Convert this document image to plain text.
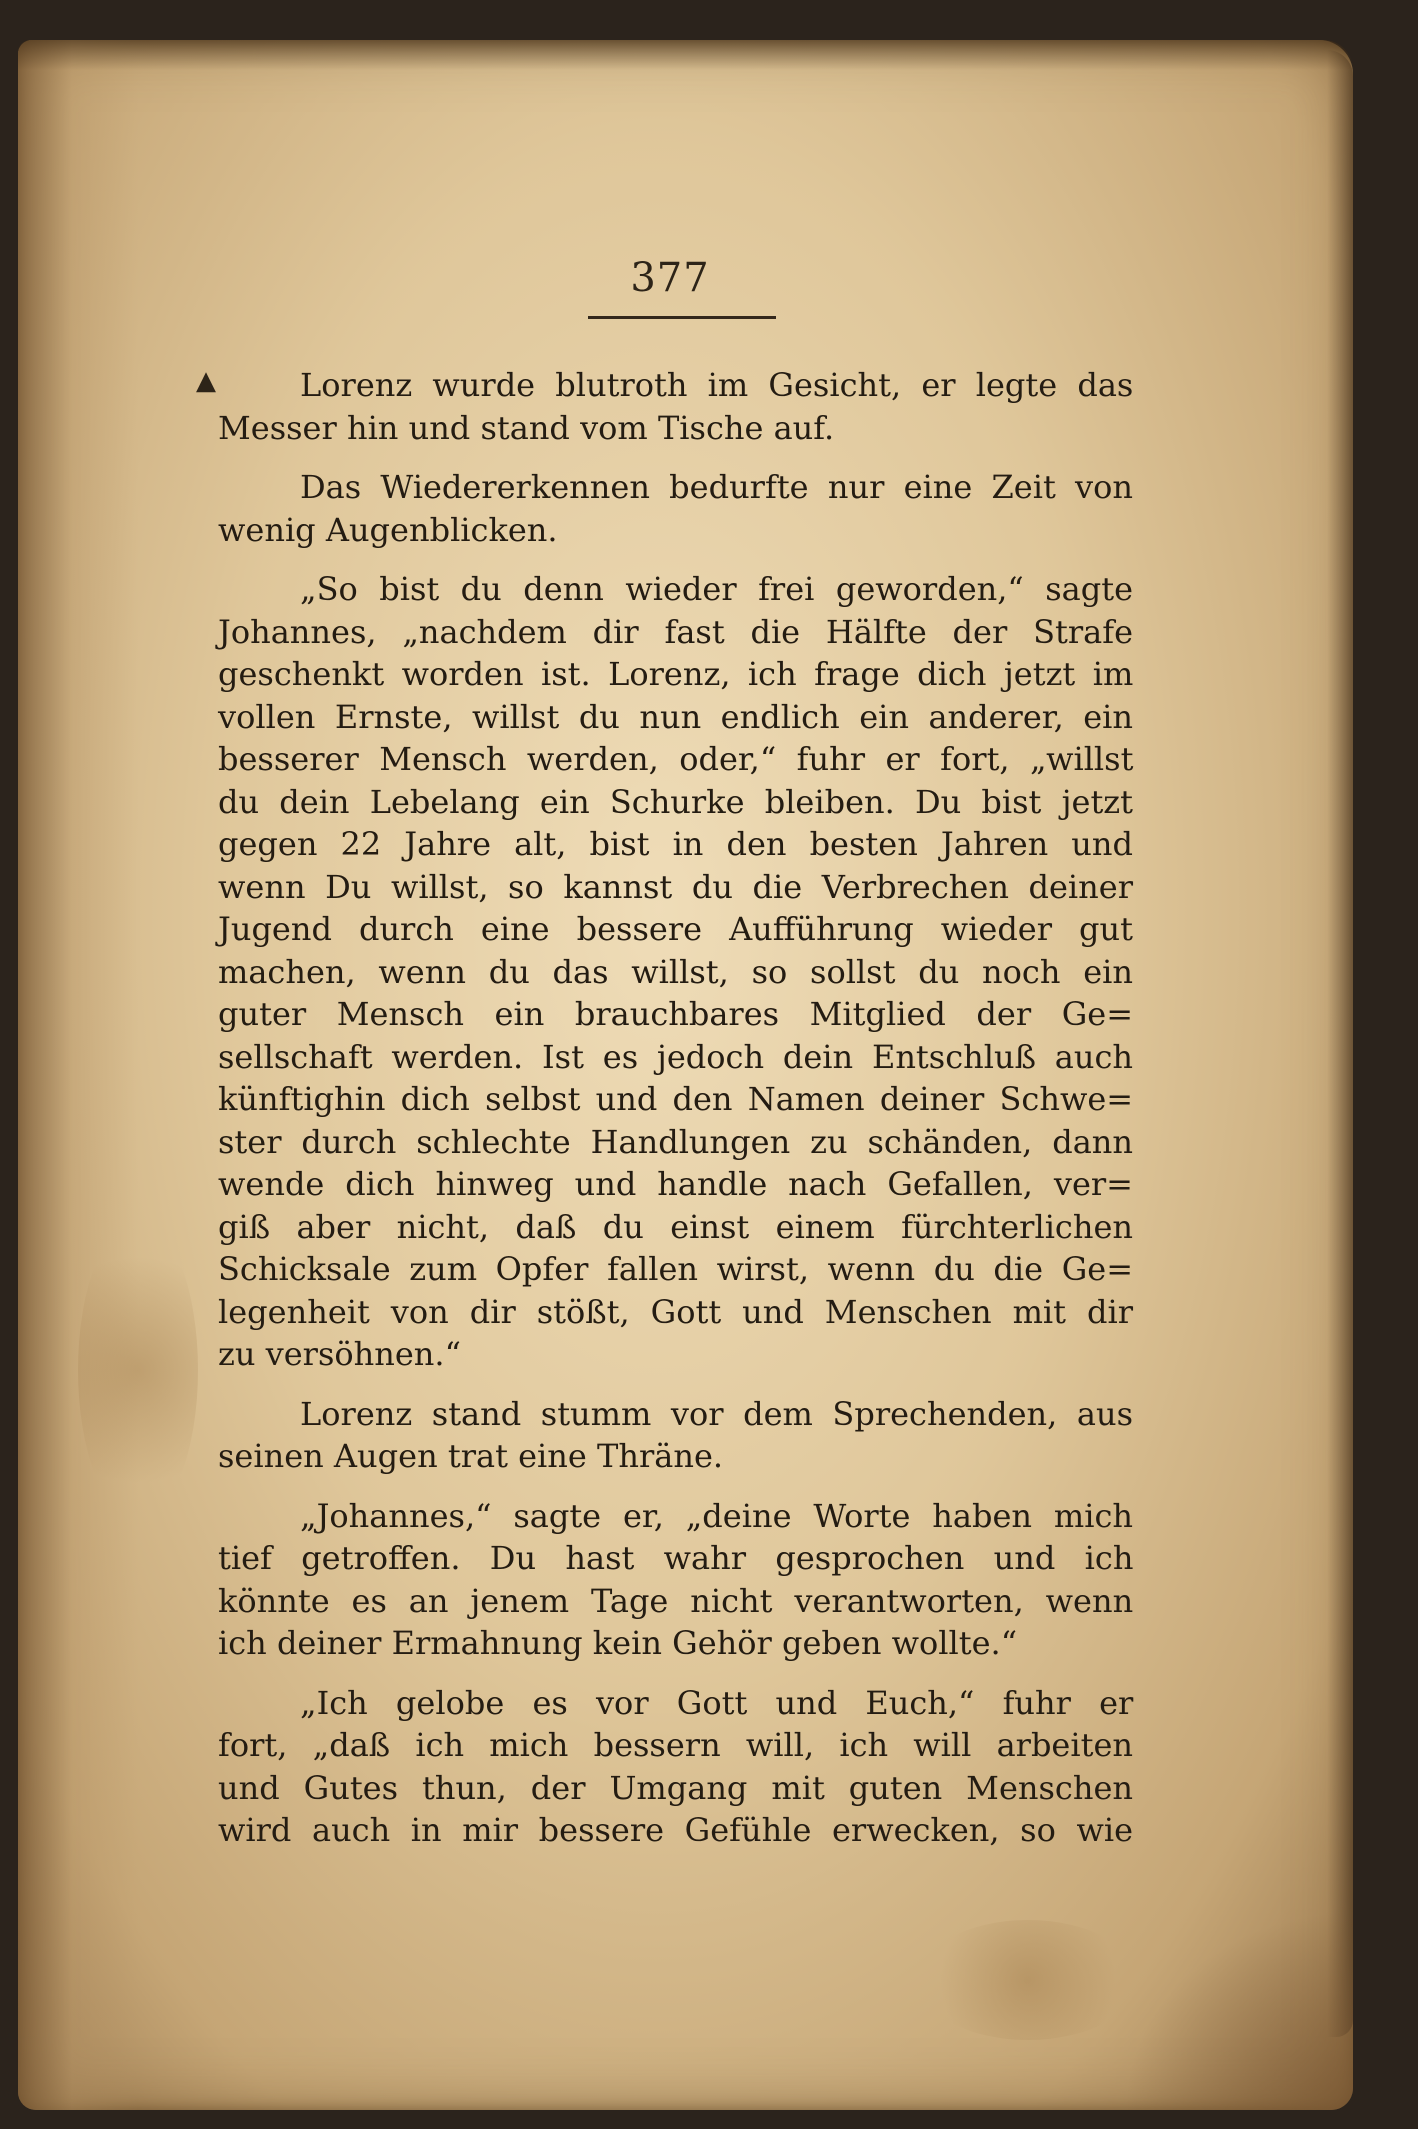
377
▲	Lorenz wurde blutroth im Gesicht, er legte das
Messer hin und stand vom Tische auf.
Das Wiedererkennen bedurfte nur eine Zeit von
wenig Augenblicken.
„So bist du denn wieder frei geworden,“ sagte
Johannes, „nachdem dir fast die Hälfte der Strafe
geschenkt worden ist. Lorenz, ich frage dich jetzt im
vollen Ernste, willst du nun endlich ein anderer, ein
besserer Mensch werden, oder,“ fuhr er fort, „willst
du dein Lebelang ein Schurke bleiben. Du bist jetzt
gegen 22 Jahre alt, bist in den besten Jahren und
wenn Du willst, so kannst du die Verbrechen deiner
Jugend durch eine bessere Aufführung wieder gut
machen, wenn du das willst, so sollst du noch ein
guter Mensch ein brauchbares Mitglied der Ge=
sellschaft werden. Ist es jedoch dein Entschluß auch
künftighin dich selbst und den Namen deiner Schwe=
ster durch schlechte Handlungen zu schänden, dann
wende dich hinweg und handle nach Gefallen, ver=
giß aber nicht, daß du einst einem fürchterlichen
Schicksale zum Opfer fallen wirst, wenn du die Ge=
legenheit von dir stößt, Gott und Menschen mit dir
zu versöhnen.“
Lorenz stand stumm vor dem Sprechenden, aus
seinen Augen trat eine Thräne.
„Johannes,“ sagte er, „deine Worte haben mich
tief getroffen. Du hast wahr gesprochen und ich
könnte es an jenem Tage nicht verantworten, wenn
ich deiner Ermahnung kein Gehör geben wollte.“
„Ich gelobe es vor Gott und Euch,“ fuhr er
fort, „daß ich mich bessern will, ich will arbeiten
und Gutes thun, der Umgang mit guten Menschen
wird auch in mir bessere Gefühle erwecken, so wie
